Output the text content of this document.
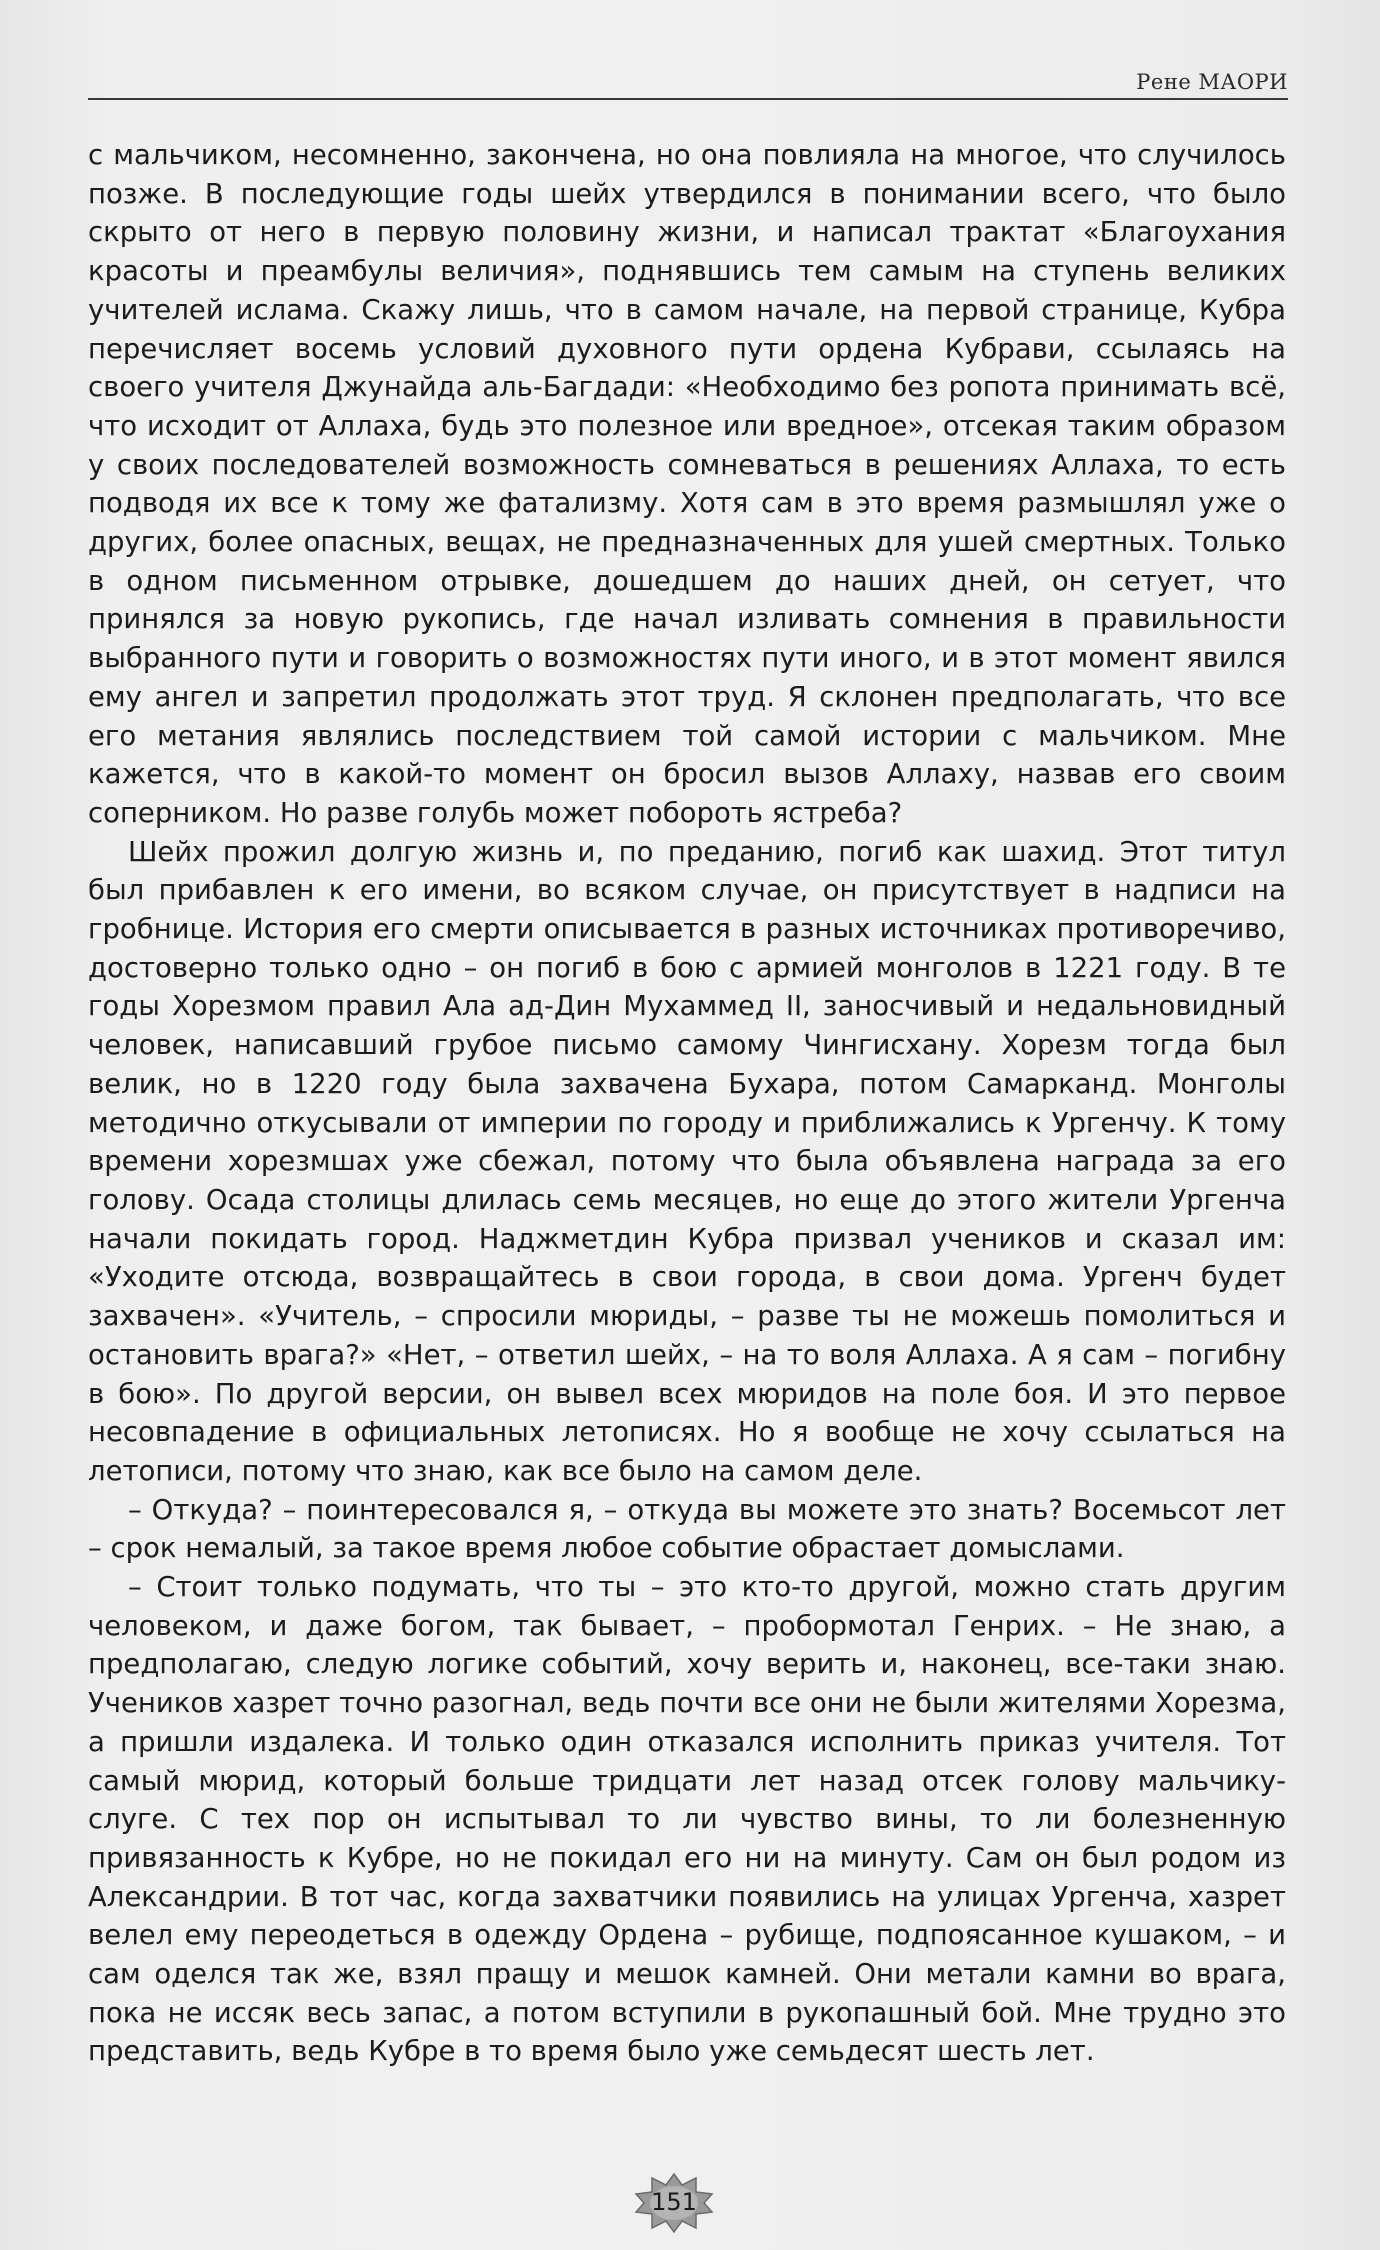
Рене МАОРИ

с мальчиком, несомненно, закончена, но она повлияла на многое, что случилось позже. В последующие годы шейх утвердился в понимании всего, что было скрыто от него в первую половину жизни, и написал трактат «Благоухания красоты и преамбулы величия», поднявшись тем самым на ступень великих учителей ислама. Скажу лишь, что в самом начале, на первой странице, Кубра перечисляет восемь условий духовного пути ордена Кубрави, ссылаясь на своего учителя Джунайда аль-Багдади: «Необходимо без ропота принимать всё, что исходит от Аллаха, будь это полезное или вредное», отсекая таким образом у своих последователей возможность сомневаться в решениях Аллаха, то есть подводя их все к тому же фатализму. Хотя сам в это время размышлял уже о других, более опасных, вещах, не предназначенных для ушей смертных. Только в одном письменном отрывке, дошедшем до наших дней, он сетует, что принялся за новую рукопись, где начал изливать сомнения в правильности выбранного пути и говорить о возможностях пути иного, и в этот момент явился ему ангел и запретил продолжать этот труд. Я склонен предполагать, что все его метания являлись последствием той самой истории с мальчиком. Мне кажется, что в какой-то момент он бросил вызов Аллаху, назвав его своим соперником. Но разве голубь может побороть ястреба?

Шейх прожил долгую жизнь и, по преданию, погиб как шахид. Этот титул был прибавлен к его имени, во всяком случае, он присутствует в надписи на гробнице. История его смерти описывается в разных источниках противоречиво, достоверно только одно – он погиб в бою с армией монголов в 1221 году. В те годы Хорезмом правил Ала ад-Дин Мухаммед II, заносчивый и недальновидный человек, написавший грубое письмо самому Чингисхану. Хорезм тогда был велик, но в 1220 году была захвачена Бухара, потом Самарканд. Монголы методично откусывали от империи по городу и приближались к Ургенчу. К тому времени хорезмшах уже сбежал, потому что была объявлена награда за его голову. Осада столицы длилась семь месяцев, но еще до этого жители Ургенча начали покидать город. Наджметдин Кубра призвал учеников и сказал им: «Уходите отсюда, возвращайтесь в свои города, в свои дома. Ургенч будет захвачен». «Учитель, – спросили мюриды, – разве ты не можешь помолиться и остановить врага?» «Нет, – ответил шейх, – на то воля Аллаха. А я сам – погибну в бою». По другой версии, он вывел всех мюридов на поле боя. И это первое несовпадение в официальных летописях. Но я вообще не хочу ссылаться на летописи, потому что знаю, как все было на самом деле.

– Откуда? – поинтересовался я, – откуда вы можете это знать? Восемьсот лет – срок немалый, за такое время любое событие обрастает домыслами.

– Стоит только подумать, что ты – это кто-то другой, можно стать другим человеком, и даже богом, так бывает, – пробормотал Генрих. – Не знаю, а предполагаю, следую логике событий, хочу верить и, наконец, все-таки знаю. Учеников хазрет точно разогнал, ведь почти все они не были жителями Хорезма, а пришли издалека. И только один отказался исполнить приказ учителя. Тот самый мюрид, который больше тридцати лет назад отсек голову мальчику-слуге. С тех пор он испытывал то ли чувство вины, то ли болезненную привязанность к Кубре, но не покидал его ни на минуту. Сам он был родом из Александрии. В тот час, когда захватчики появились на улицах Ургенча, хазрет велел ему переодеться в одежду Ордена – рубище, подпоясанное кушаком, – и сам оделся так же, взял пращу и мешок камней. Они метали камни во врага, пока не иссяк весь запас, а потом вступили в рукопашный бой. Мне трудно это представить, ведь Кубре в то время было уже семьдесят шесть лет.

151
